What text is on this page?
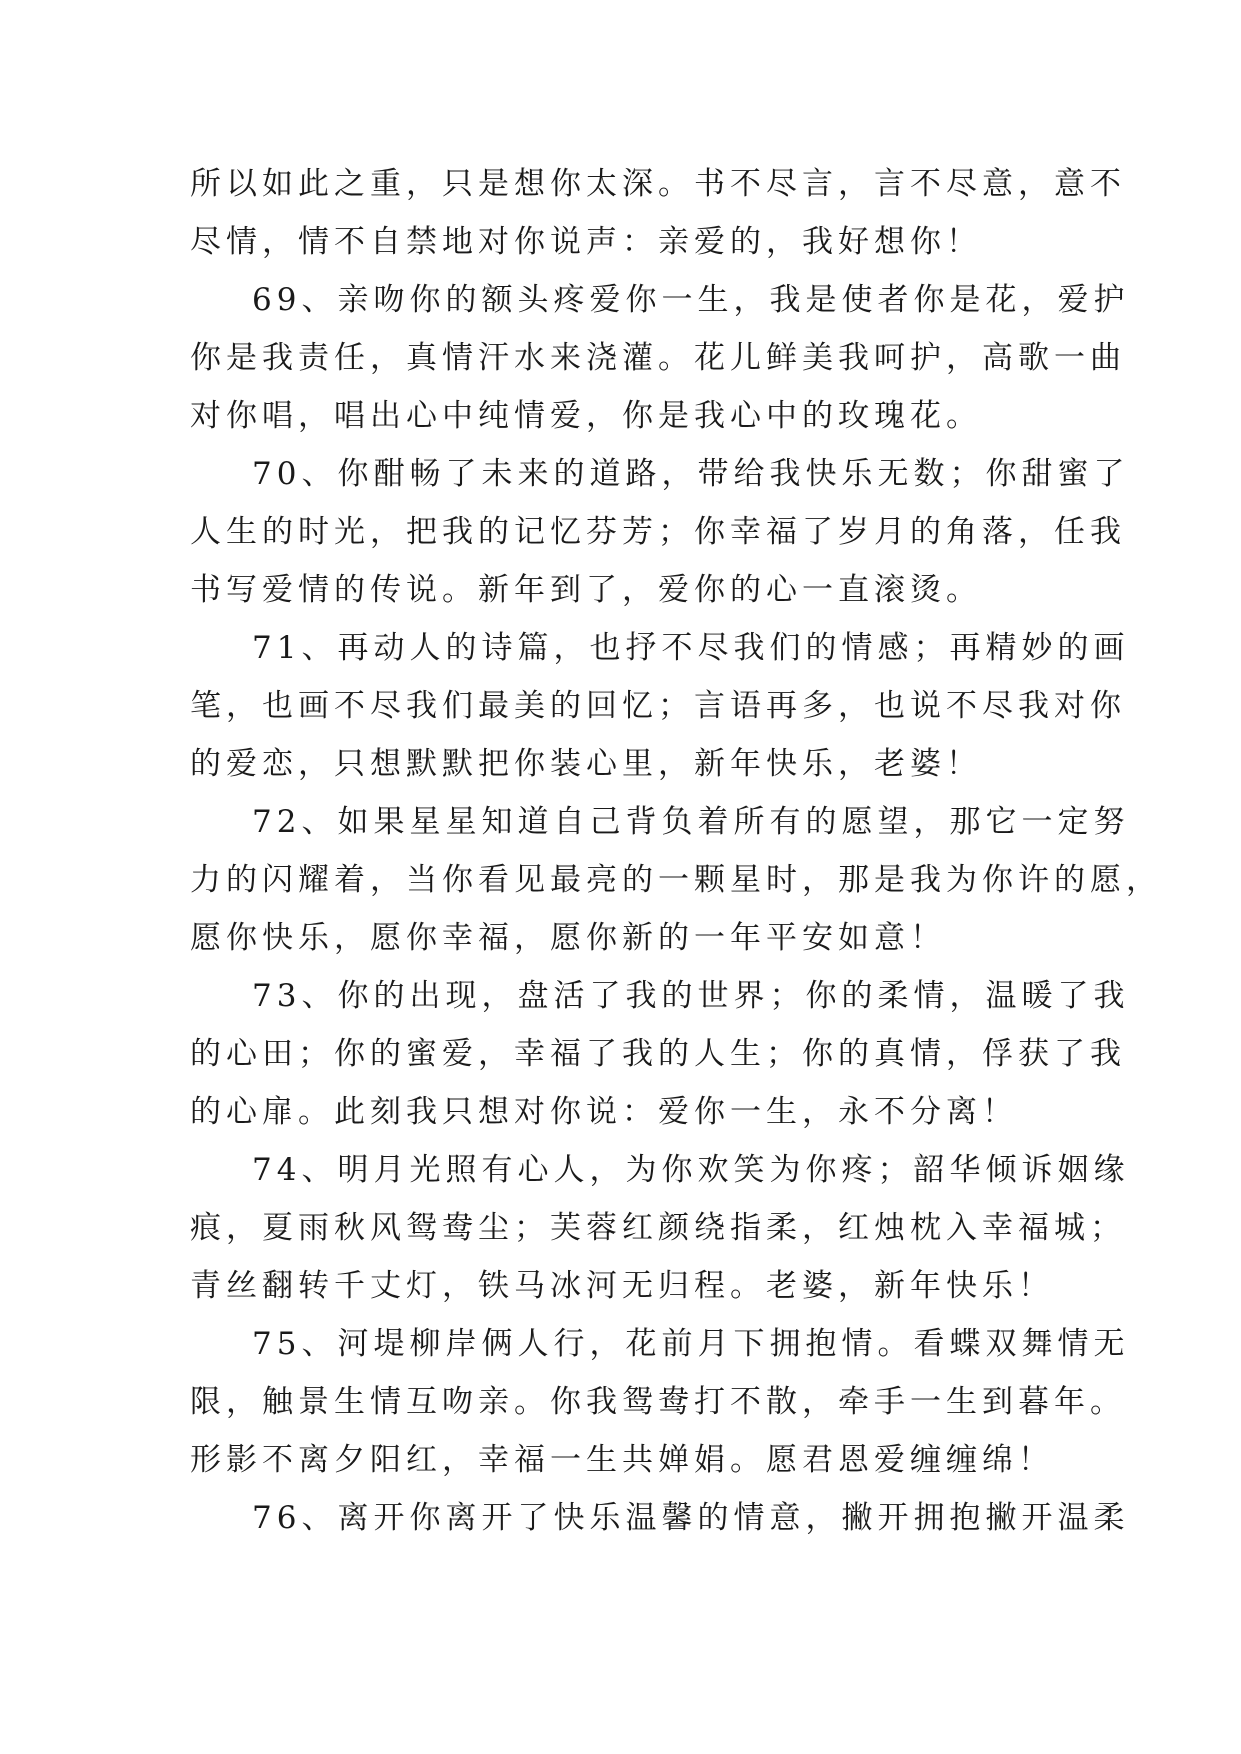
所以如此之重，只是想你太深。书不尽言，言不尽意，意不
尽情，情不自禁地对你说声：亲爱的，我好想你！
69、亲吻你的额头疼爱你一生，我是使者你是花，爱护
你是我责任，真情汗水来浇灌。花儿鲜美我呵护，高歌一曲
对你唱，唱出心中纯情爱，你是我心中的玫瑰花。
70、你酣畅了未来的道路，带给我快乐无数；你甜蜜了
人生的时光，把我的记忆芬芳；你幸福了岁月的角落，任我
书写爱情的传说。新年到了，爱你的心一直滚烫。
71、再动人的诗篇，也抒不尽我们的情感；再精妙的画
笔，也画不尽我们最美的回忆；言语再多，也说不尽我对你
的爱恋，只想默默把你装心里，新年快乐，老婆！
72、如果星星知道自己背负着所有的愿望，那它一定努
力的闪耀着，当你看见最亮的一颗星时，那是我为你许的愿，
愿你快乐，愿你幸福，愿你新的一年平安如意！
73、你的出现，盘活了我的世界；你的柔情，温暖了我
的心田；你的蜜爱，幸福了我的人生；你的真情，俘获了我
的心扉。此刻我只想对你说：爱你一生，永不分离！
74、明月光照有心人，为你欢笑为你疼；韶华倾诉姻缘
痕，夏雨秋风鸳鸯尘；芙蓉红颜绕指柔，红烛枕入幸福城；
青丝翻转千丈灯，铁马冰河无归程。老婆，新年快乐！
75、河堤柳岸俩人行，花前月下拥抱情。看蝶双舞情无
限，触景生情互吻亲。你我鸳鸯打不散，牵手一生到暮年。
形影不离夕阳红，幸福一生共婵娟。愿君恩爱缠缠绵！
76、离开你离开了快乐温馨的情意，撇开拥抱撇开温柔
